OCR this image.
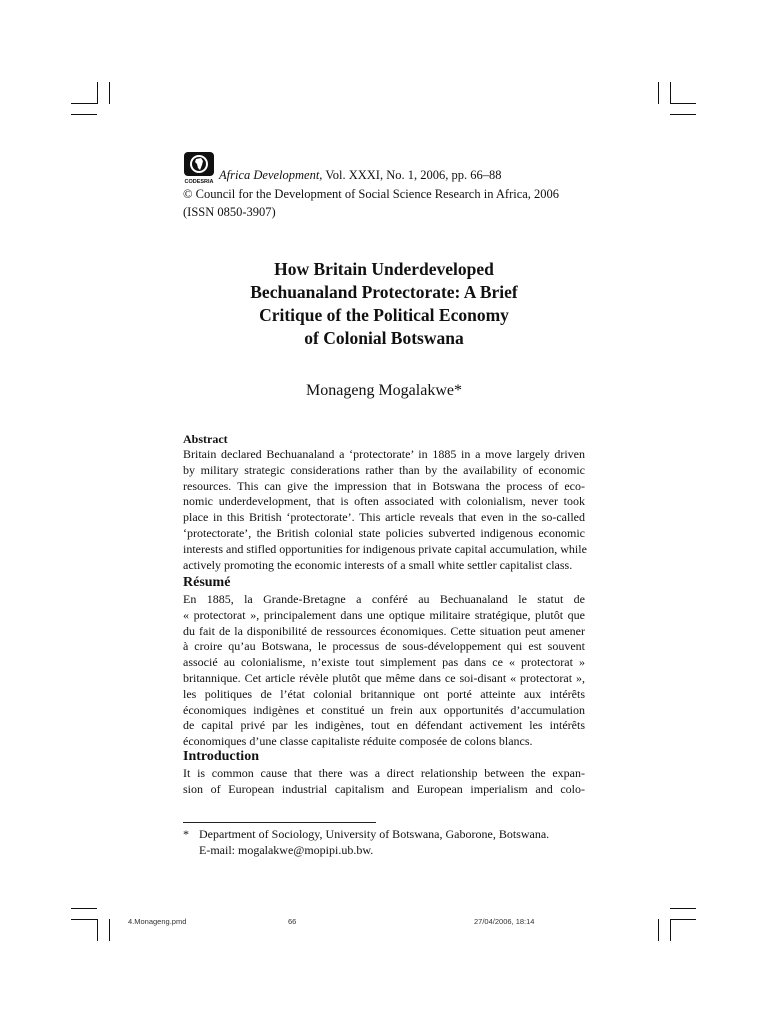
CODESRIA Africa Development, Vol. XXXI, No. 1, 2006, pp. 66–88
© Council for the Development of Social Science Research in Africa, 2006
(ISSN 0850-3907)
How Britain Underdeveloped
Bechuanaland Protectorate: A Brief
Critique of the Political Economy
of Colonial Botswana
Monageng Mogalakwe*
Abstract

Britain declared Bechuanaland a ‘protectorate’ in 1885 in a move largely driven

by military strategic considerations rather than by the availability of economic

resources. This can give the impression that in Botswana the process of eco-

nomic underdevelopment, that is often associated with colonialism, never took

place in this British ‘protectorate’. This article reveals that even in the so-called

‘protectorate’, the British colonial state policies subverted indigenous economic

interests and stifled opportunities for indigenous private capital accumulation, while

actively promoting the economic interests of a small white settler capitalist class.

Résumé

En 1885, la Grande-Bretagne a conféré au Bechuanaland le statut de

« protectorat », principalement dans une optique militaire stratégique, plutôt que

du fait de la disponibilité de ressources économiques. Cette situation peut amener

à croire qu’au Botswana, le processus de sous-développement qui est souvent

associé au colonialisme, n’existe tout simplement pas dans ce « protectorat »

britannique. Cet article révèle plutôt que même dans ce soi-disant « protectorat »,

les politiques de l’état colonial britannique ont porté atteinte aux intérêts

économiques indigènes et constitué un frein aux opportunités d’accumulation

de capital privé par les indigènes, tout en défendant activement les intérêts

économiques d’une classe capitaliste réduite composée de colons blancs.

Introduction

It is common cause that there was a direct relationship between the expan-

sion of European industrial capitalism and European imperialism and colo-

* Department of Sociology, University of Botswana, Gaborone, Botswana.
E-mail: mogalakwe@mopipi.ub.bw.
4.Monageng.pmd	66	27/04/2006, 18:14
